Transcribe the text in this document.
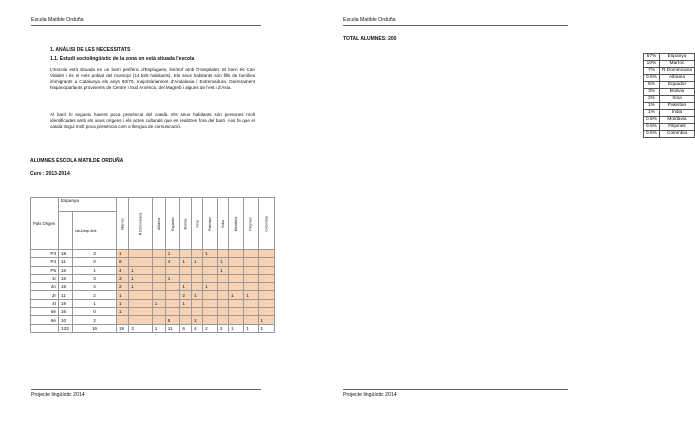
Escola Matilde Orduña
1. ANÀLISI DE LES NECESSITATS
1.1. Estudi sociolingüístic de la zona on està situada l'escola
L'Escola està situada en un barri perifèric d'Esplugues, limítrof amb l'Hospitalet. El barri és Can Vidalet i és el més poblat del municipi (14.526 habitants). Els seus habitants són fills de famílies immigrants a Catalunya els anys 60/70, majoritàriament d'Andalusia i Extremadura. Darrerament hispanoparlants provinents de Centre i Sud Amèrica, del Magreb i alguns de l'est i d'Àsia.
Al barri hi segueix havent poca presència del català. Els seus habitants són persones molt identificades amb els seus orígens i els actes culturals que es realitzen fora del barri. Així fa que el català tingui molt poca presència com a llengua de comunicació.
ALUMNES ESCOLA MATILDE ORDUÑA
Curs : 2013-2014
País Origen	Espanya		Marroc	R.Dominicana	Albània	Equador	Bolívia	Xina	Pakistan	Índia	Moldàvia	Filipines	Colombia
		cat.&resp.dels											
P3	19	3	1			1			1				
P4	11	0	6			4	1	1		1			
P5	16	1	4	1						1			
1r	16	3	3	1		1							
2n	15	4	2	1			1		1				
3r	11	2	1				2	1			1	1	
4t	19	1	1		1		1						
5è	16	0	1										
6è	10	2				5		2					1
	133	16	19	3	1	11	6	4	2	2	1	1	1
Projecte lingüístic 2014
Escola Matilde Orduña
TOTAL ALUMNES: 200
67%	Espanya
10%	Marroc
7%	R.Dominicana
0.5%	Albània
5%	Equador
3%	Bolívia
2%	Xina
1%	Pakistan
1%	Índia
0.5%	Moldàvia
0.5%	Filipines
0.5%	Colombia
Projecte lingüístic 2014
